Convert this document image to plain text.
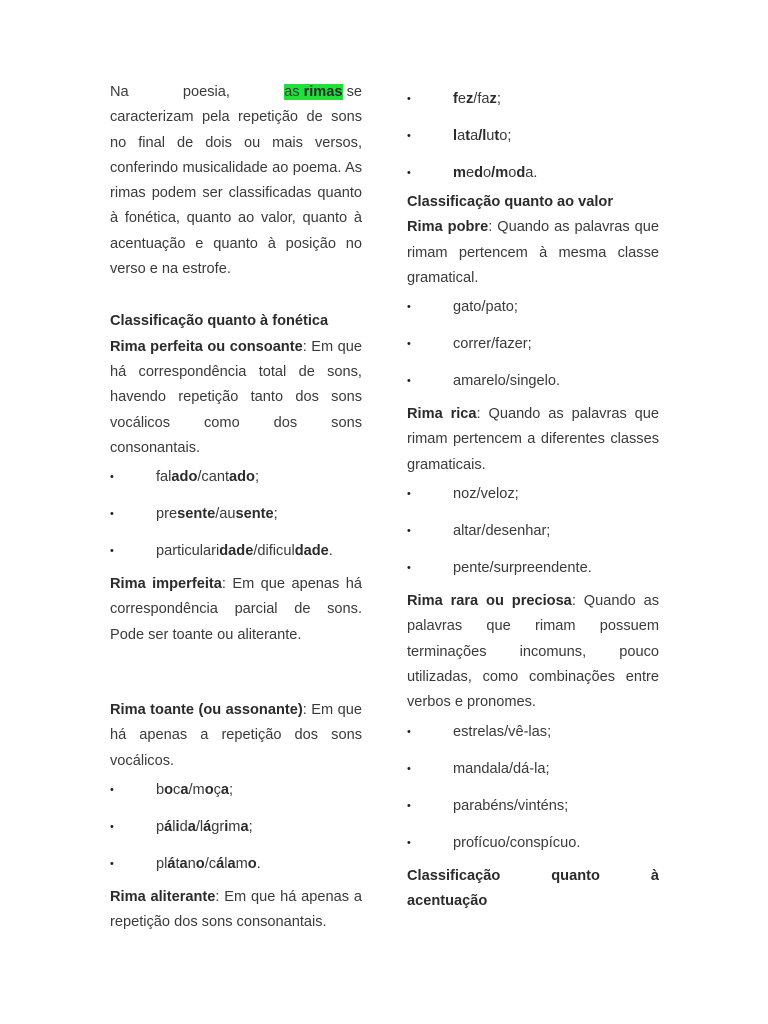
Na	poesia,	as rimas se
caracterizam pela repetição de sons no final de dois ou mais versos, conferindo musicalidade ao poema. As rimas podem ser classificadas quanto à fonética, quanto ao valor, quanto à acentuação e quanto à posição no verso e na estrofe.

Classificação quanto à fonética

Rima perfeita ou consoante: Em que há correspondência total de sons, havendo repetição tanto dos sons vocálicos como dos sons consonantais.

•	falado/cantado;
•	presente/ausente;
•	particularidade/dificuldade.

Rima imperfeita: Em que apenas há correspondência parcial de sons. Pode ser toante ou aliterante.

Rima toante (ou assonante): Em que há apenas a repetição dos sons vocálicos.

•	boca/moça;
•	pálida/lágrima;
•	plátano/cálamo.

Rima aliterante: Em que há apenas a repetição dos sons consonantais.

•	fez/faz;
•	lata/luto;
•	medo/moda.

Classificação quanto ao valor

Rima pobre: Quando as palavras que rimam pertencem à mesma classe gramatical.

•	gato/pato;
•	correr/fazer;
•	amarelo/singelo.

Rima rica: Quando as palavras que rimam pertencem a diferentes classes gramaticais.

•	noz/veloz;
•	altar/desenhar;
•	pente/surpreendente.

Rima rara ou preciosa: Quando as palavras que rimam possuem terminações incomuns, pouco utilizadas, como combinações entre verbos e pronomes.

•	estrelas/vê-las;
•	mandala/dá-la;
•	parabéns/vinténs;
•	profícuo/conspícuo.

Classificação	quanto	à
acentuação
